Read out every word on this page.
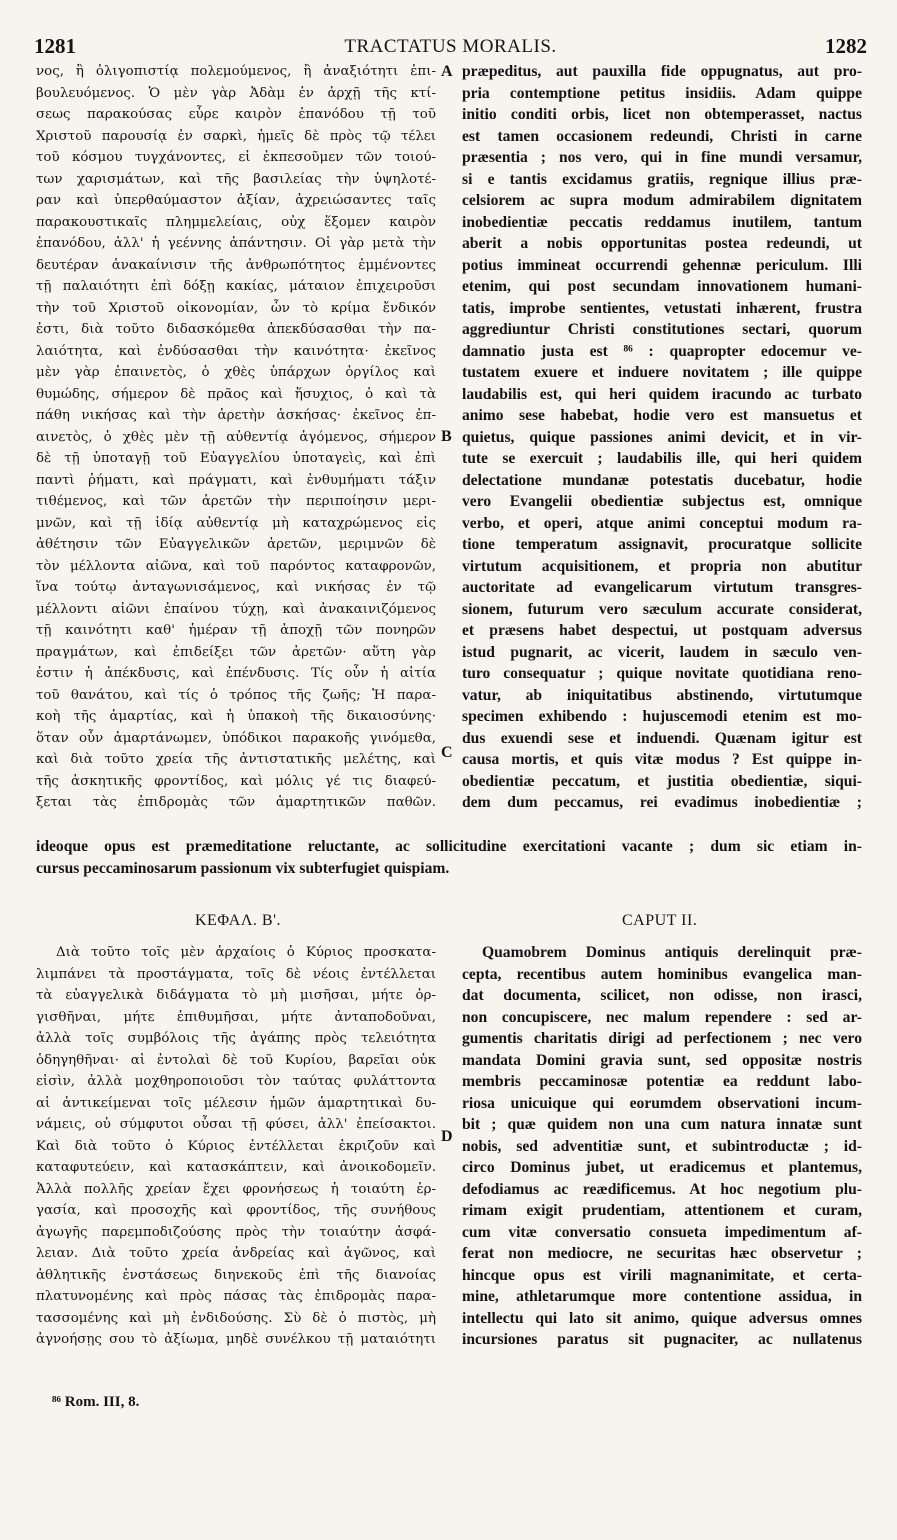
1281	TRACTATUS MORALIS.	1282
νος, ἢ ὀλιγοπιστίᾳ πολεμούμενος, ἢ ἀναξιότητι ἐπι-
βουλευόμενος. Ὁ μὲν γὰρ Ἀδὰμ ἐν ἀρχῇ τῆς κτί-
σεως παρακούσας εὗρε καιρὸν ἐπανόδου τῇ τοῦ
Χριστοῦ παρουσίᾳ ἐν σαρκὶ, ἡμεῖς δὲ πρὸς τῷ τέλει
τοῦ κόσμου τυγχάνοντες, εἰ ἐκπεσοῦμεν τῶν τοιού-
των χαρισμάτων, καὶ τῆς βασιλείας τὴν ὑψηλοτέ-
ραν καὶ ὑπερθαύμαστον ἀξίαν, ἀχρειώσαντες ταῖς
παρακουστικαῖς πλημμελείαις, οὐχ ἕξομεν καιρὸν
ἐπανόδου, ἀλλ' ἡ γεέννης ἀπάντησιν. Οἱ γὰρ μετὰ τὴν
δευτέραν ἀνακαίνισιν τῆς ἀνθρωπότητος ἐμμένοντες
τῇ παλαιότητι ἐπὶ δόξῃ κακίας, μάταιον ἐπιχειροῦσι
τὴν τοῦ Χριστοῦ οἰκονομίαν, ὧν τὸ κρίμα ἔνδικόν
ἐστι, διὰ τοῦτο διδασκόμεθα ἀπεκδύσασθαι τὴν πα-
λαιότητα, καὶ ἐνδύσασθαι τὴν καινότητα· ἐκεῖνος
μὲν γὰρ ἐπαινετὸς, ὁ χθὲς ὑπάρχων ὀργίλος καὶ
θυμώδης, σήμερον δὲ πρᾶος καὶ ἥσυχιος, ὁ καὶ τὰ
πάθη νικήσας καὶ τὴν ἀρετὴν ἀσκήσας· ἐκεῖνος ἐπ-
αινετὸς, ὁ χθὲς μὲν τῇ αὐθεντίᾳ ἀγόμενος, σήμερον
δὲ τῇ ὑποταγῇ τοῦ Εὐαγγελίου ὑποταγεὶς, καὶ ἐπὶ
παντὶ ῥήματι, καὶ πράγματι, καὶ ἐνθυμήματι τάξιν
τιθέμενος, καὶ τῶν ἀρετῶν τὴν περιποίησιν μερι-
μνῶν, καὶ τῇ ἰδίᾳ αὐθεντίᾳ μὴ καταχρώμενος εἰς
ἀθέτησιν τῶν Εὐαγγελικῶν ἀρετῶν, μεριμνῶν δὲ
τὸν μέλλοντα αἰῶνα, καὶ τοῦ παρόντος καταφρονῶν,
ἵνα τούτῳ ἀνταγωνισάμενος, καὶ νικήσας ἐν τῷ
μέλλοντι αἰῶνι ἐπαίνου τύχῃ, καὶ ἀνακαινιζόμενος
τῇ καινότητι καθ' ἡμέραν τῇ ἀποχῇ τῶν πονηρῶν
πραγμάτων, καὶ ἐπιδείξει τῶν ἀρετῶν· αὕτη γὰρ
ἐστιν ἡ ἀπέκδυσις, καὶ ἐπένδυσις. Τίς οὖν ἡ αἰτία
τοῦ θανάτου, καὶ τίς ὁ τρόπος τῆς ζωῆς; Ἡ παρα-
κοὴ τῆς ἁμαρτίας, καὶ ἡ ὑπακοὴ τῆς δικαιοσύνης·
ὅταν οὖν ἁμαρτάνωμεν, ὑπόδικοι παρακοῆς γινόμεθα,
καὶ διὰ τοῦτο χρεία τῆς ἀντιστατικῆς μελέτης, καὶ
τῆς ἀσκητικῆς φροντίδος, καὶ μόλις γέ τις διαφεύ-
ξεται τὰς ἐπιδρομὰς τῶν ἁμαρτητικῶν παθῶν.
præpeditus, aut pauxilla fide oppugnatus, aut pro-
pria contemptione petitus insidiis. Adam quippe
initio conditi orbis, licet non obtemperasset, nactus
est tamen occasionem redeundi, Christi in carne
præsentia ; nos vero, qui in fine mundi versamur,
si e tantis excidamus gratiis, regnique illius præ-
celsiorem ac supra modum admirabilem dignitatem
inobedientiæ peccatis reddamus inutilem, tantum
aberit a nobis opportunitas postea redeundi, ut
potius immineat occurrendi gehennæ periculum. Illi
etenim, qui post secundam innovationem humani-
tatis, improbe sentientes, vetustati inhærent, frustra
aggrediuntur Christi constitutiones sectari, quorum
damnatio justa est ⁸⁶ : quapropter edocemur ve-
tustatem exuere et induere novitatem ; ille quippe
laudabilis est, qui heri quidem iracundo ac turbato
animo sese habebat, hodie vero est mansuetus et
quietus, quique passiones animi devicit, et in vir-
tute se exercuit ; laudabilis ille, qui heri quidem
delectatione mundanæ potestatis ducebatur, hodie
vero Evangelii obedientiæ subjectus est, omnique
verbo, et operi, atque animi conceptui modum ra-
tione temperatum assignavit, procuratque sollicite
virtutum acquisitionem, et propria non abutitur
auctoritate ad evangelicarum virtutum transgres-
sionem, futurum vero sæculum accurate considerat,
et præsens habet despectui, ut postquam adversus
istud pugnarit, ac vicerit, laudem in sæculo ven-
turo consequatur ; quique novitate quotidiana reno-
vatur, ab iniquitatibus abstinendo, virtutumque
specimen exhibendo : hujuscemodi etenim est mo-
dus exuendi sese et induendi. Quænam igitur est
causa mortis, et quis vitæ modus ? Est quippe in-
obedientiæ peccatum, et justitia obedientiæ, siqui-
dem dum peccamus, rei evadimus inobedientiæ ;
A
B
C
D
ideoque opus est præmeditatione reluctante, ac sollicitudine exercitationi vacante ; dum sic etiam in-
cursus peccaminosarum passionum vix subterfugiet quispiam.
ΚΕΦΑΛ. Β'.	CAPUT II.
Διὰ τοῦτο τοῖς μὲν ἀρχαίοις ὁ Κύριος προσκατα-
λιμπάνει τὰ προστάγματα, τοῖς δὲ νέοις ἐντέλλεται
τὰ εὐαγγελικὰ διδάγματα τὸ μὴ μισῆσαι, μήτε ὀρ-
γισθῆναι, μήτε ἐπιθυμῆσαι, μήτε ἀνταποδοῦναι,
ἀλλὰ τοῖς συμβόλοις τῆς ἀγάπης πρὸς τελειότητα
ὁδηγηθῆναι· αἱ ἐντολαὶ δὲ τοῦ Κυρίου, βαρεῖαι οὐκ
εἰσὶν, ἀλλὰ μοχθηροποιοῦσι τὸν ταύτας φυλάττοντα
αἱ ἀντικείμεναι τοῖς μέλεσιν ἡμῶν ἁμαρτητικαὶ δυ-
νάμεις, οὐ σύμφυτοι οὖσαι τῇ φύσει, ἀλλ' ἐπείσακτοι.
Καὶ διὰ τοῦτο ὁ Κύριος ἐντέλλεται ἐκριζοῦν καὶ
καταφυτεύειν, καὶ κατασκάπτειν, καὶ ἀνοικοδομεῖν.
Ἀλλὰ πολλῆς χρείαν ἔχει φρονήσεως ἡ τοιαύτη ἐρ-
γασία, καὶ προσοχῆς καὶ φροντίδος, τῆς συνήθους
ἀγωγῆς παρεμποδιζούσης πρὸς τὴν τοιαύτην ἀσφά-
λειαν. Διὰ τοῦτο χρεία ἀνδρείας καὶ ἀγῶνος, καὶ
ἀθλητικῆς ἐνστάσεως διηνεκοῦς ἐπὶ τῆς διανοίας
πλατυνομένης καὶ πρὸς πάσας τὰς ἐπιδρομὰς παρα-
τασσομένης καὶ μὴ ἐνδιδούσης. Σὺ δὲ ὁ πιστὸς, μὴ
ἀγνοήσῃς σου τὸ ἀξίωμα, μηδὲ συνέλκου τῇ ματαιότητι
Quamobrem Dominus antiquis derelinquit præ-
cepta, recentibus autem hominibus evangelica man-
dat documenta, scilicet, non odisse, non irasci,
non concupiscere, nec malum rependere : sed ar-
gumentis charitatis dirigi ad perfectionem ; nec vero
mandata Domini gravia sunt, sed oppositæ nostris
membris peccaminosæ potentiæ ea reddunt labo-
riosa unicuique qui eorumdem observationi incum-
bit ; quæ quidem non una cum natura innatæ sunt
nobis, sed adventitiæ sunt, et subintroductæ ; id-
circo Dominus jubet, ut eradicemus et plantemus,
defodiamus ac reædificemus. At hoc negotium plu-
rimam exigit prudentiam, attentionem et curam,
cum vitæ conversatio consueta impedimentum af-
ferat non mediocre, ne securitas hæc observetur ;
hincque opus est virili magnanimitate, et certa-
mine, athletarumque more contentione assidua, in
intellectu qui lato sit animo, quique adversus omnes
incursiones paratus sit pugnaciter, ac nullatenus
⁸⁶ Rom. III, 8.
